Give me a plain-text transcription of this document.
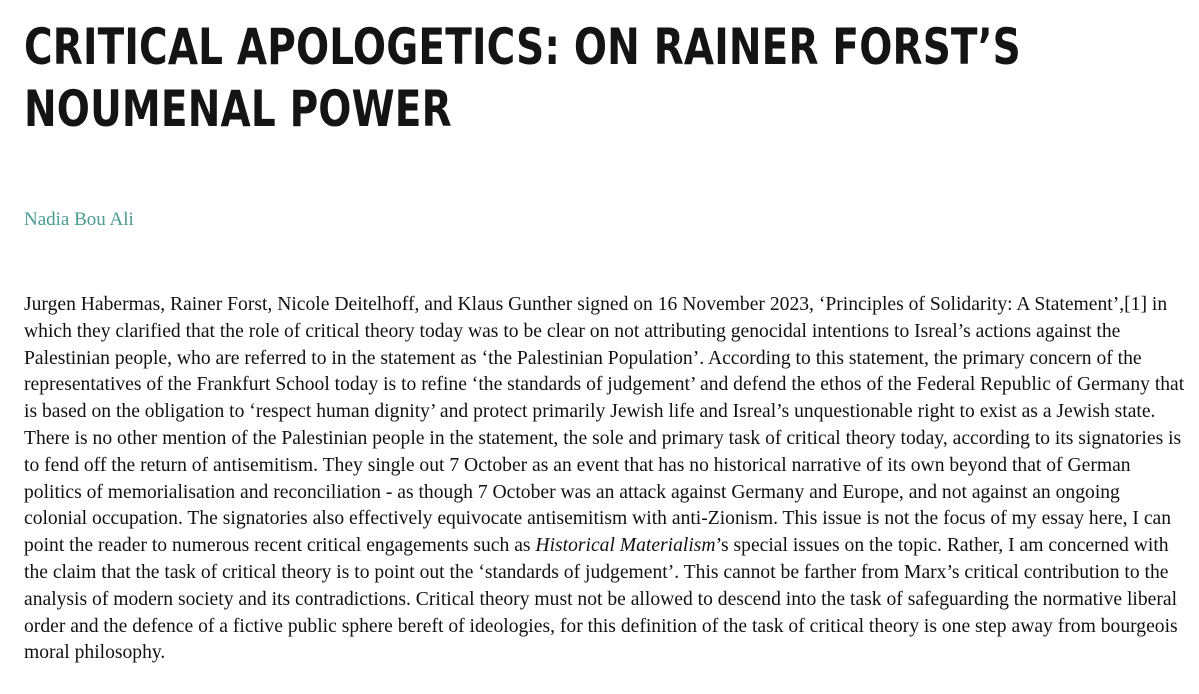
CRITICAL APOLOGETICS: ON RAINER FORST’S NOUMENAL POWER
Nadia Bou Ali

Jurgen Habermas, Rainer Forst, Nicole Deitelhoff, and Klaus Gunther signed on 16 November 2023, ‘Principles of Solidarity: A Statement’,[1] in which they clarified that the role of critical theory today was to be clear on not attributing genocidal intentions to Isreal’s actions against the Palestinian people, who are referred to in the statement as ‘the Palestinian Population’. According to this statement, the primary concern of the representatives of the Frankfurt School today is to refine ‘the standards of judgement’ and defend the ethos of the Federal Republic of Germany that is based on the obligation to ‘respect human dignity’ and protect primarily Jewish life and Isreal’s unquestionable right to exist as a Jewish state. There is no other mention of the Palestinian people in the statement, the sole and primary task of critical theory today, according to its signatories is to fend off the return of antisemitism. They single out 7 October as an event that has no historical narrative of its own beyond that of German politics of memorialisation and reconciliation - as though 7 October was an attack against Germany and Europe, and not against an ongoing colonial occupation. The signatories also effectively equivocate antisemitism with anti-Zionism. This issue is not the focus of my essay here, I can point the reader to numerous recent critical engagements such as Historical Materialism’s special issues on the topic. Rather, I am concerned with the claim that the task of critical theory is to point out the ‘standards of judgement’. This cannot be farther from Marx’s critical contribution to the analysis of modern society and its contradictions. Critical theory must not be allowed to descend into the task of safeguarding the normative liberal order and the defence of a fictive public sphere bereft of ideologies, for this definition of the task of critical theory is one step away from bourgeois moral philosophy.
